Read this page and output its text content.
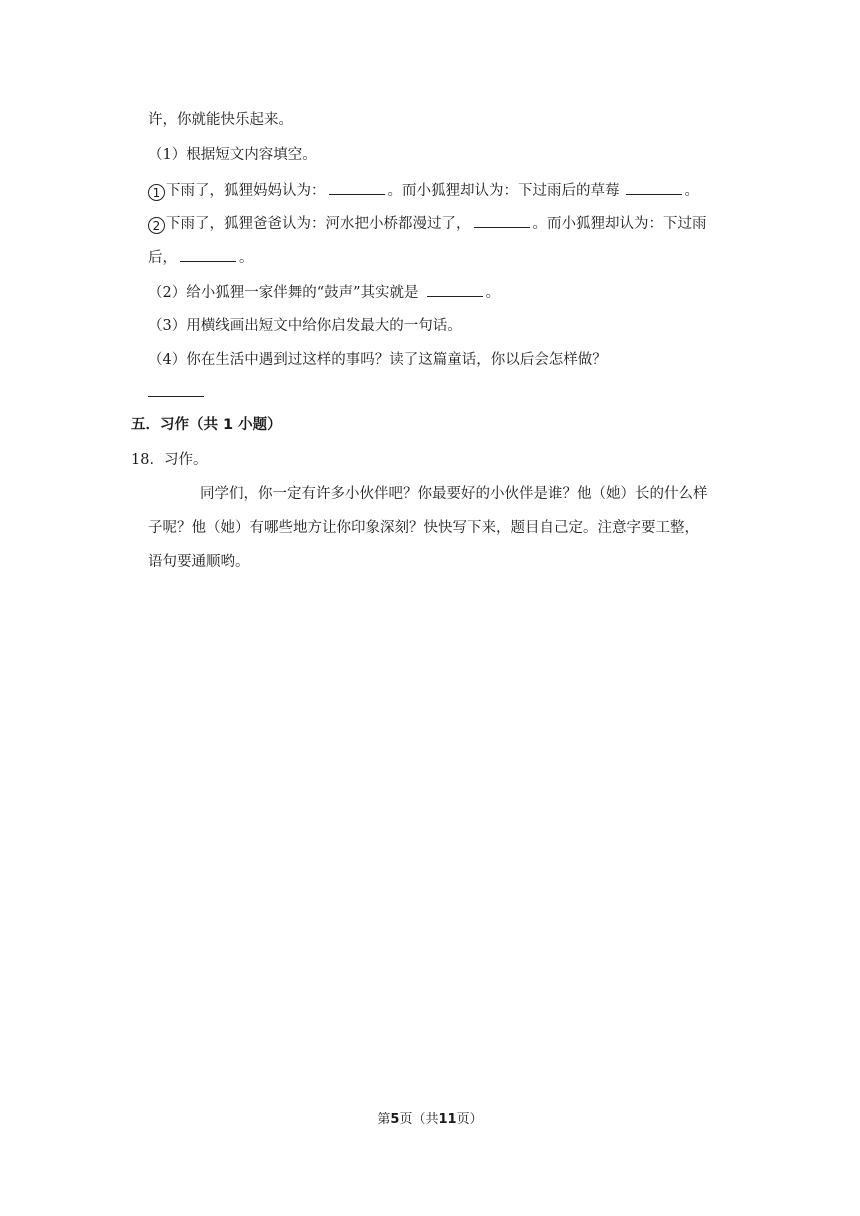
许，你就能快乐起来。
（1）根据短文内容填空。
1 下雨了，狐狸妈妈认为：	。而小狐狸却认为：下过雨后的草莓	。
2 下雨了，狐狸爸爸认为：河水把小桥都漫过了，	。而小狐狸却认为：下过雨
后，	。
（2）给小狐狸一家伴舞的“鼓声”其实就是	。
（3）用横线画出短文中给你启发最大的一句话。
（4）你在生活中遇到过这样的事吗？读了这篇童话，你以后会怎样做？
五．习作（共 1 小题）
18．习作。
同学们，你一定有许多小伙伴吧？你最要好的小伙伴是谁？他（她）长的什么样
子呢？他（她）有哪些地方让你印象深刻？快快写下来，题目自己定。注意字要工整，
语句要通顺哟。
第5页（共11页）
